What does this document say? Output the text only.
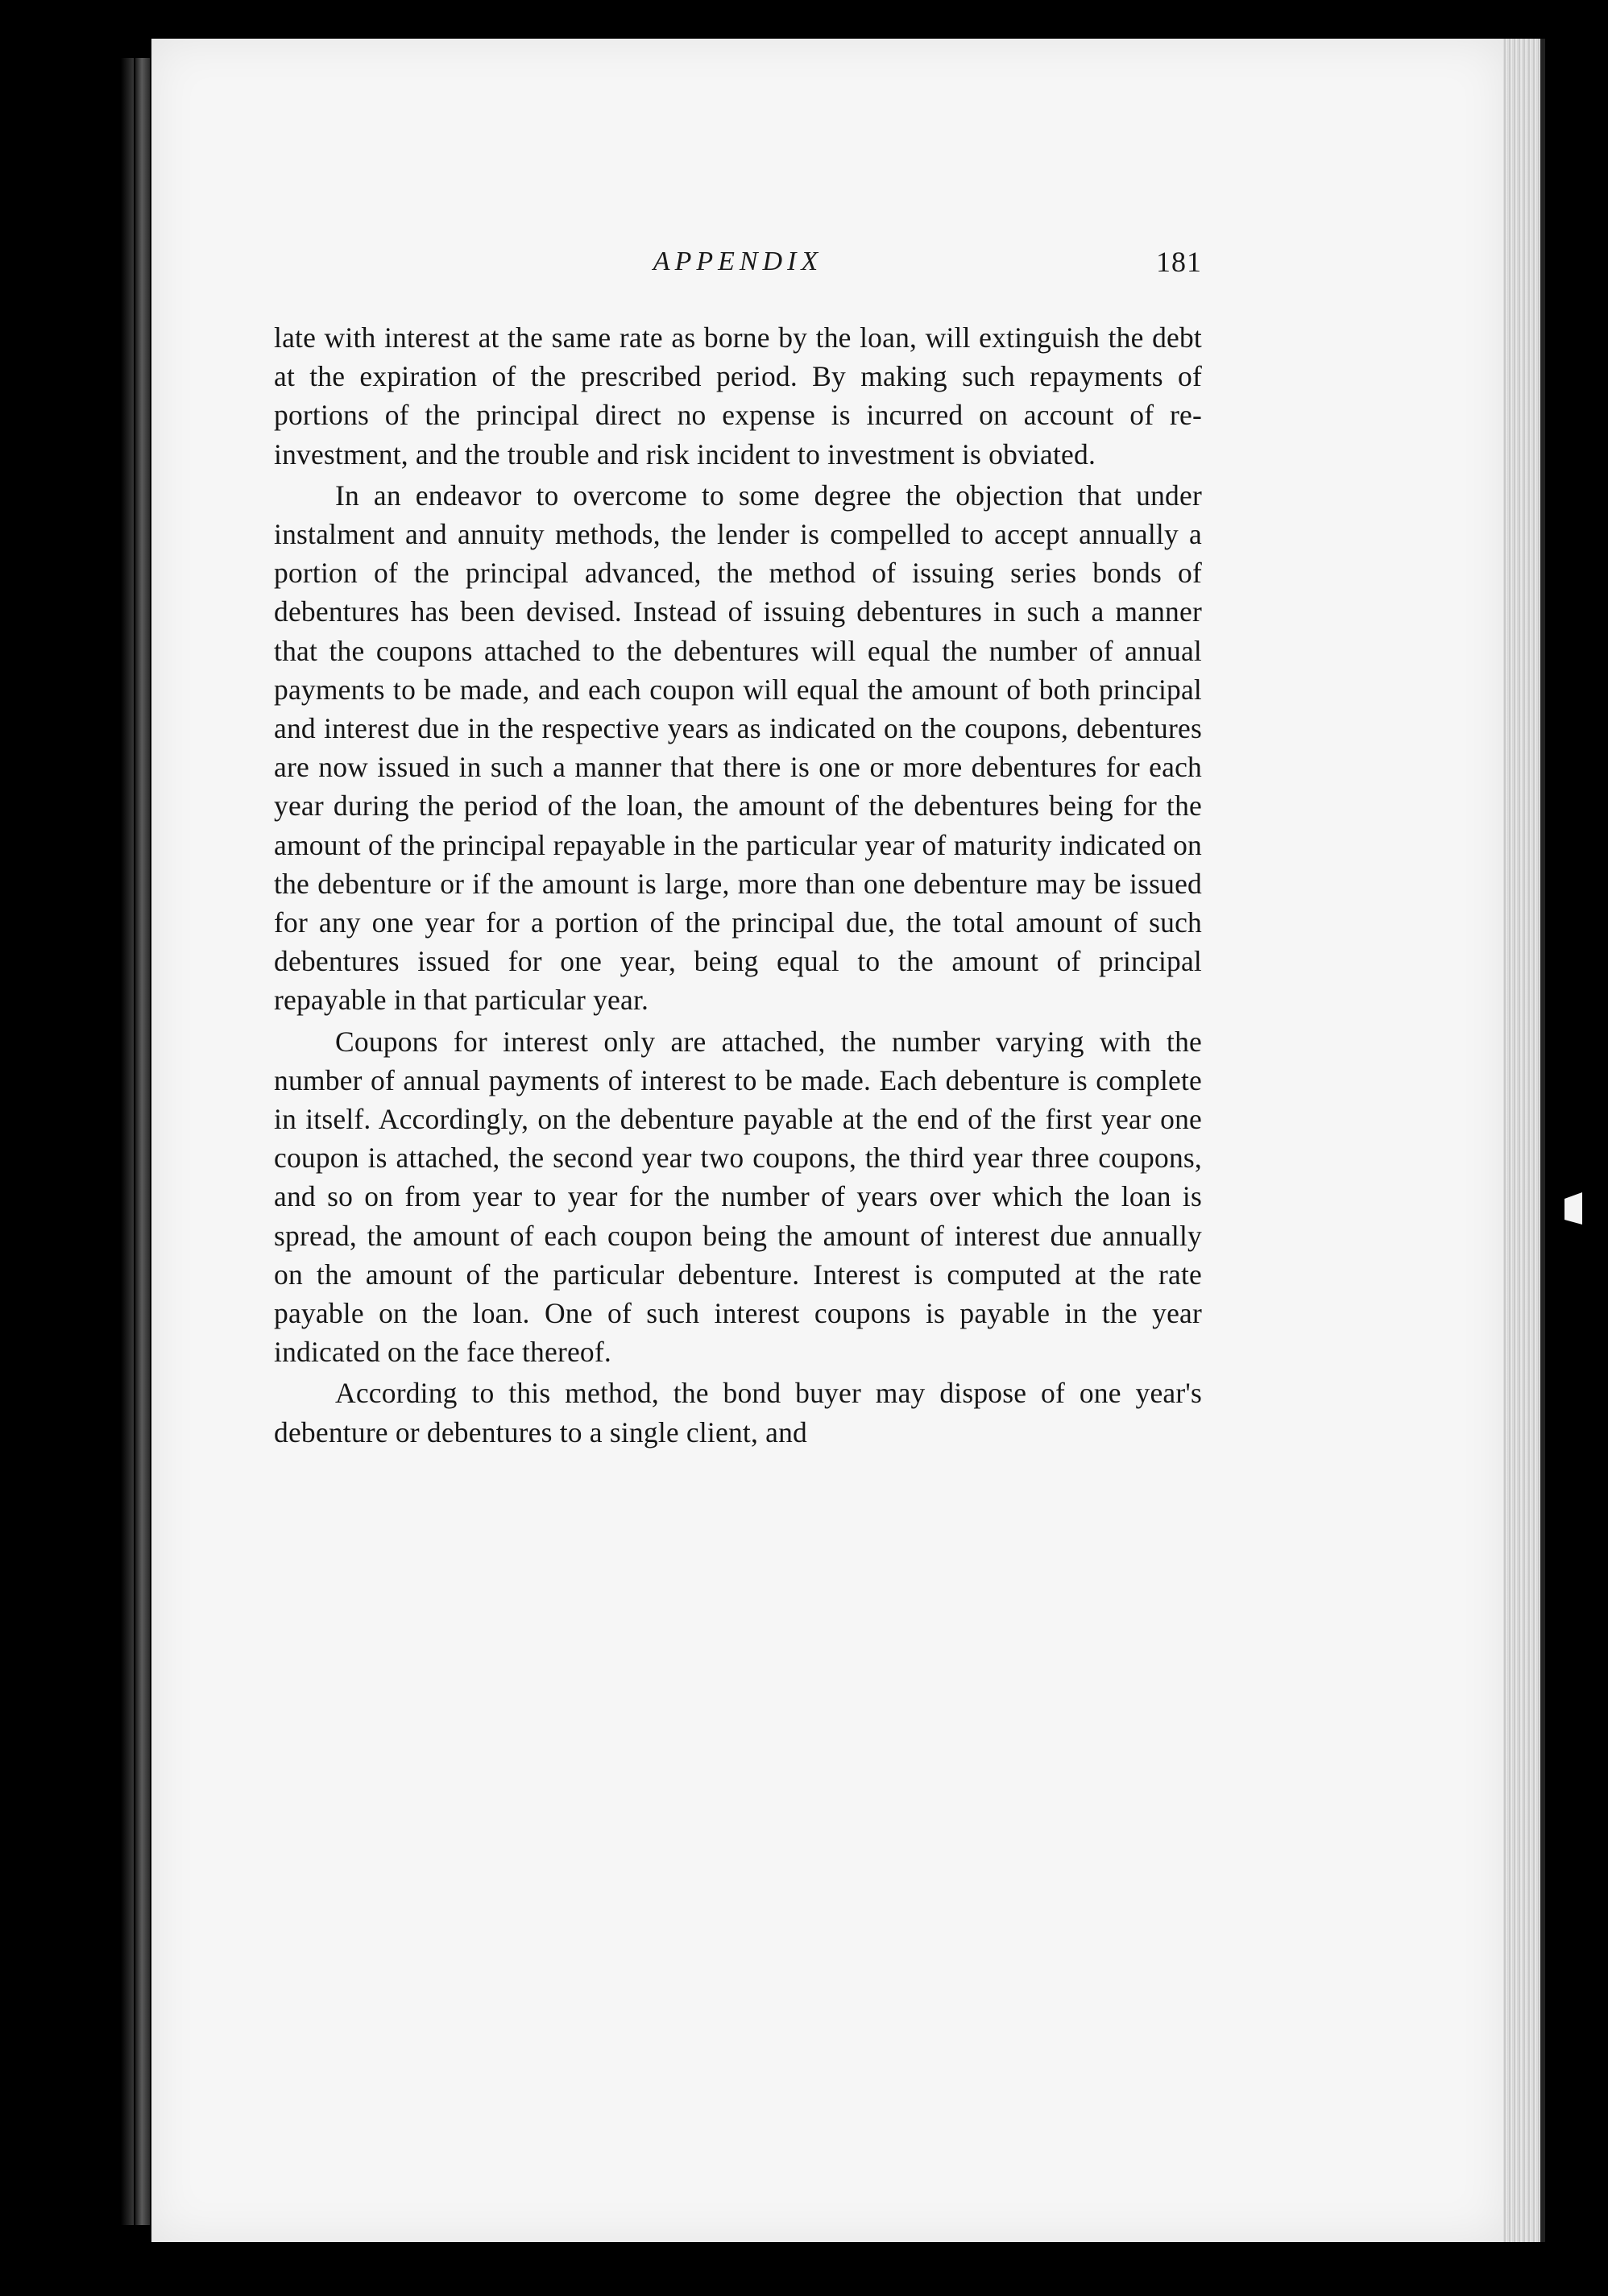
APPENDIX	181

late with interest at the same rate as borne by the loan, will extinguish the debt at the expiration of the prescribed period. By making such repayments of portions of the principal direct no expense is incurred on account of re-investment, and the trouble and risk incident to investment is obviated.

In an endeavor to overcome to some degree the objection that under instalment and annuity methods, the lender is compelled to accept annually a portion of the principal advanced, the method of issuing series bonds of debentures has been devised. Instead of issuing debentures in such a manner that the coupons attached to the debentures will equal the number of annual payments to be made, and each coupon will equal the amount of both principal and interest due in the respective years as indicated on the coupons, debentures are now issued in such a manner that there is one or more debentures for each year during the period of the loan, the amount of the debentures being for the amount of the principal repayable in the particular year of maturity indicated on the debenture or if the amount is large, more than one debenture may be issued for any one year for a portion of the principal due, the total amount of such debentures issued for one year, being equal to the amount of principal repayable in that particular year.

Coupons for interest only are attached, the number varying with the number of annual payments of interest to be made. Each debenture is complete in itself. Accordingly, on the debenture payable at the end of the first year one coupon is attached, the second year two coupons, the third year three coupons, and so on from year to year for the number of years over which the loan is spread, the amount of each coupon being the amount of interest due annually on the amount of the particular debenture. Interest is computed at the rate payable on the loan. One of such interest coupons is payable in the year indicated on the face thereof.

According to this method, the bond buyer may dispose of one year's debenture or debentures to a single client, and
